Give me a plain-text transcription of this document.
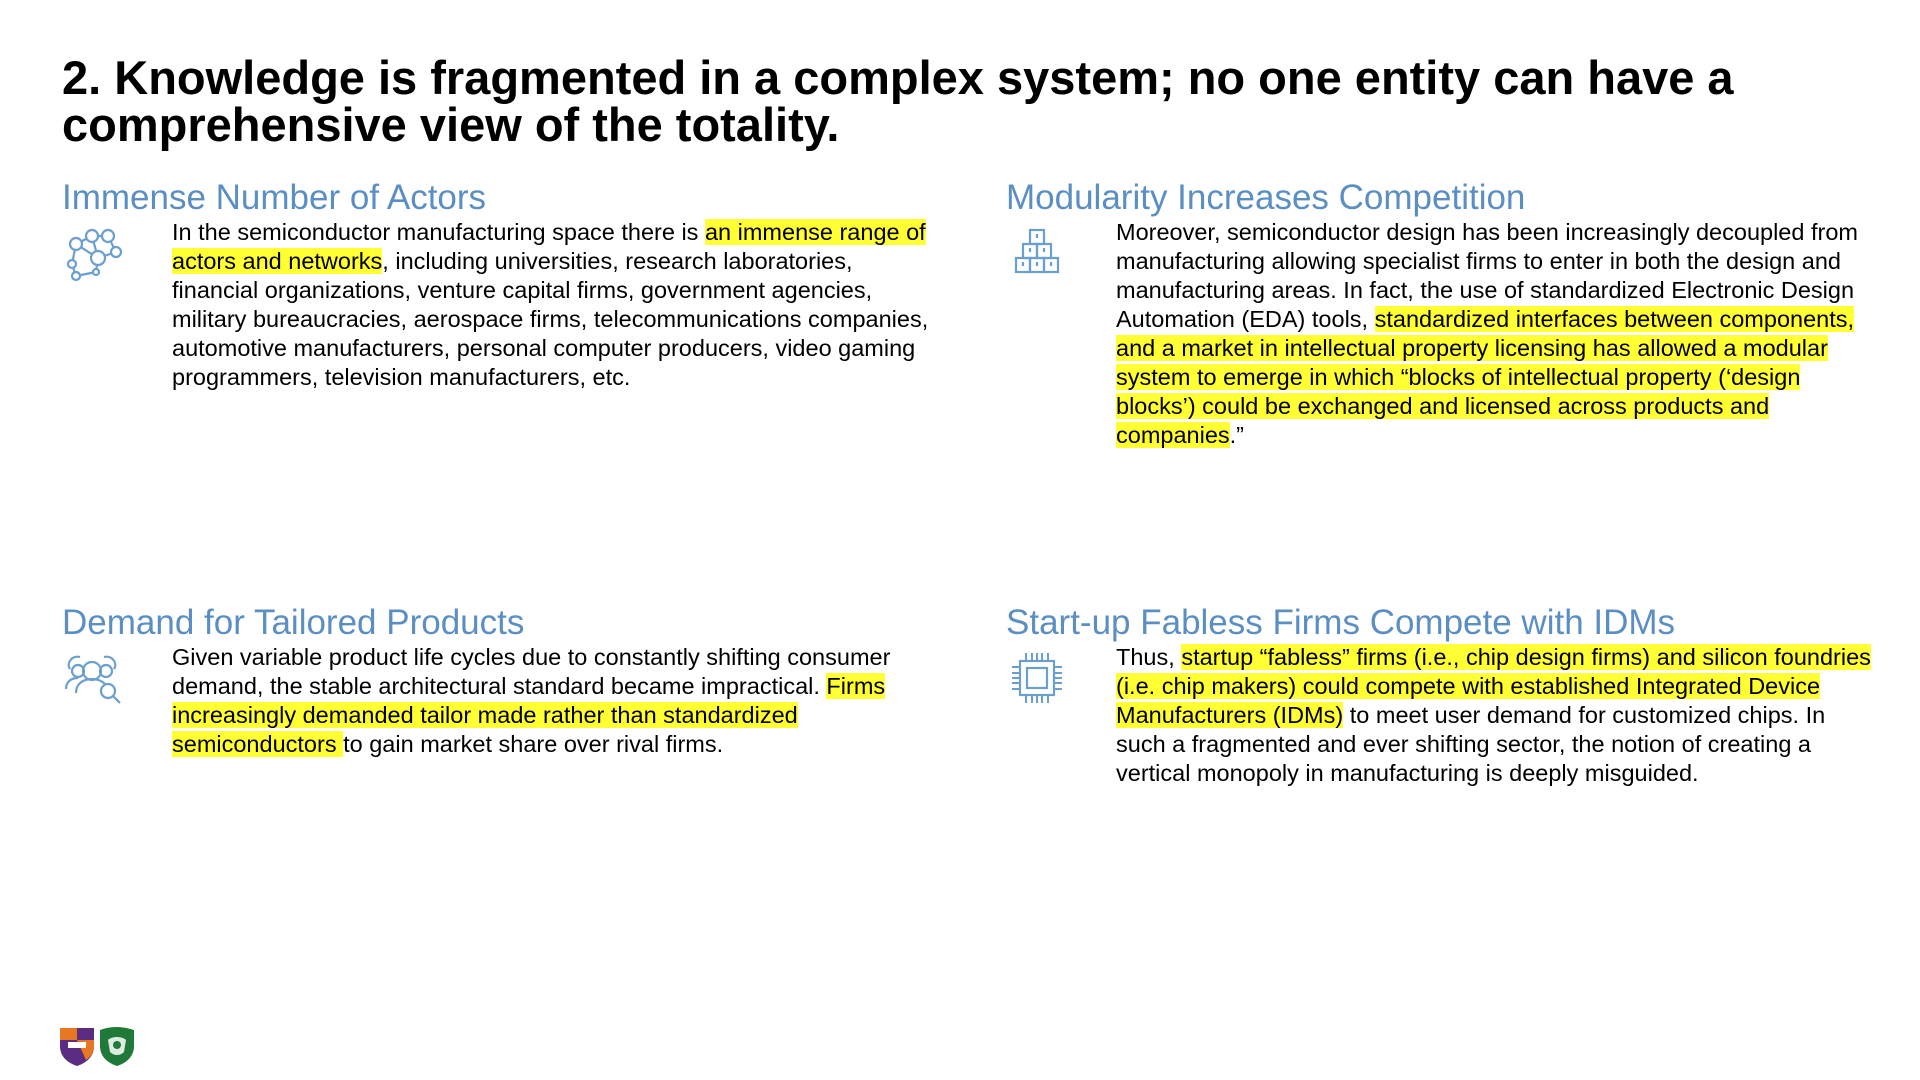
2. Knowledge is fragmented in a complex system; no one entity can have a comprehensive view of the totality.
Immense Number of Actors

In the semiconductor manufacturing space there is an immense range of actors and networks, including universities, research laboratories, financial organizations, venture capital firms, government agencies, military bureaucracies, aerospace firms, telecommunications companies, automotive manufacturers, personal computer producers, video gaming programmers, television manufacturers, etc.

Modularity Increases Competition

Moreover, semiconductor design has been increasingly decoupled from manufacturing allowing specialist firms to enter in both the design and manufacturing areas. In fact, the use of standardized Electronic Design Automation (EDA) tools, standardized interfaces between components, and a market in intellectual property licensing has allowed a modular system to emerge in which “blocks of intellectual property (‘design blocks’) could be exchanged and licensed across products and companies.”

Demand for Tailored Products

Given variable product life cycles due to constantly shifting consumer demand, the stable architectural standard became impractical. Firms increasingly demanded tailor made rather than standardized semiconductors to gain market share over rival firms.

Start-up Fabless Firms Compete with IDMs

Thus, startup “fabless” firms (i.e., chip design firms) and silicon foundries (i.e. chip makers) could compete with established Integrated Device Manufacturers (IDMs) to meet user demand for customized chips. In such a fragmented and ever shifting sector, the notion of creating a vertical monopoly in manufacturing is deeply misguided.
